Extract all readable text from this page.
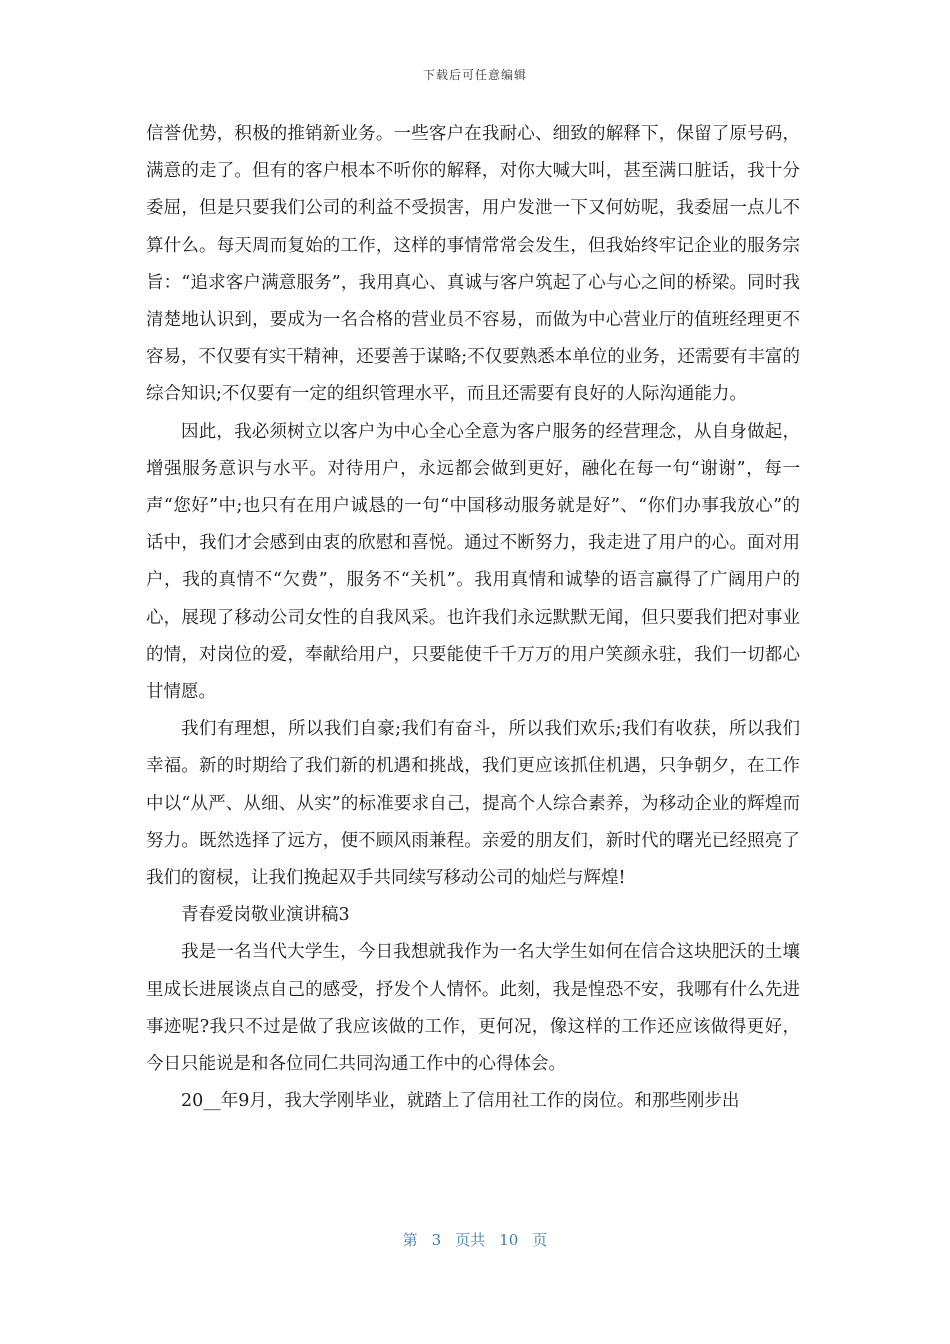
下载后可任意编辑

信誉优势，积极的推销新业务。一些客户在我耐心、细致的解释下，保留了原号码，满意的走了。但有的客户根本不听你的解释，对你大喊大叫，甚至满口脏话，我十分委屈，但是只要我们公司的利益不受损害，用户发泄一下又何妨呢，我委屈一点儿不算什么。每天周而复始的工作，这样的事情常常会发生，但我始终牢记企业的服务宗旨：“追求客户满意服务”，我用真心、真诚与客户筑起了心与心之间的桥梁。同时我清楚地认识到，要成为一名合格的营业员不容易，而做为中心营业厅的值班经理更不容易，不仅要有实干精神，还要善于谋略;不仅要熟悉本单位的业务，还需要有丰富的综合知识;不仅要有一定的组织管理水平，而且还需要有良好的人际沟通能力。

因此，我必须树立以客户为中心全心全意为客户服务的经营理念，从自身做起，增强服务意识与水平。对待用户，永远都会做到更好，融化在每一句“谢谢”，每一声“您好”中;也只有在用户诚恳的一句“中国移动服务就是好”、“你们办事我放心”的话中，我们才会感到由衷的欣慰和喜悦。通过不断努力，我走进了用户的心。面对用户，我的真情不“欠费”，服务不“关机”。我用真情和诚挚的语言赢得了广阔用户的心，展现了移动公司女性的自我风采。也许我们永远默默无闻，但只要我们把对事业的情，对岗位的爱，奉献给用户，只要能使千千万万的用户笑颜永驻，我们一切都心甘情愿。

我们有理想，所以我们自豪;我们有奋斗，所以我们欢乐;我们有收获，所以我们幸福。新的时期给了我们新的机遇和挑战，我们更应该抓住机遇，只争朝夕，在工作中以“从严、从细、从实”的标准要求自己，提高个人综合素养，为移动企业的辉煌而努力。既然选择了远方，便不顾风雨兼程。亲爱的朋友们，新时代的曙光已经照亮了我们的窗棂，让我们挽起双手共同续写移动公司的灿烂与辉煌!

青春爱岗敬业演讲稿3

我是一名当代大学生，今日我想就我作为一名大学生如何在信合这块肥沃的土壤里成长进展谈点自己的感受，抒发个人情怀。此刻，我是惶恐不安，我哪有什么先进事迹呢?我只不过是做了我应该做的工作，更何况，像这样的工作还应该做得更好，今日只能说是和各位同仁共同沟通工作中的心得体会。

20__年9月，我大学刚毕业，就踏上了信用社工作的岗位。和那些刚步出

第 3 页共 10 页
